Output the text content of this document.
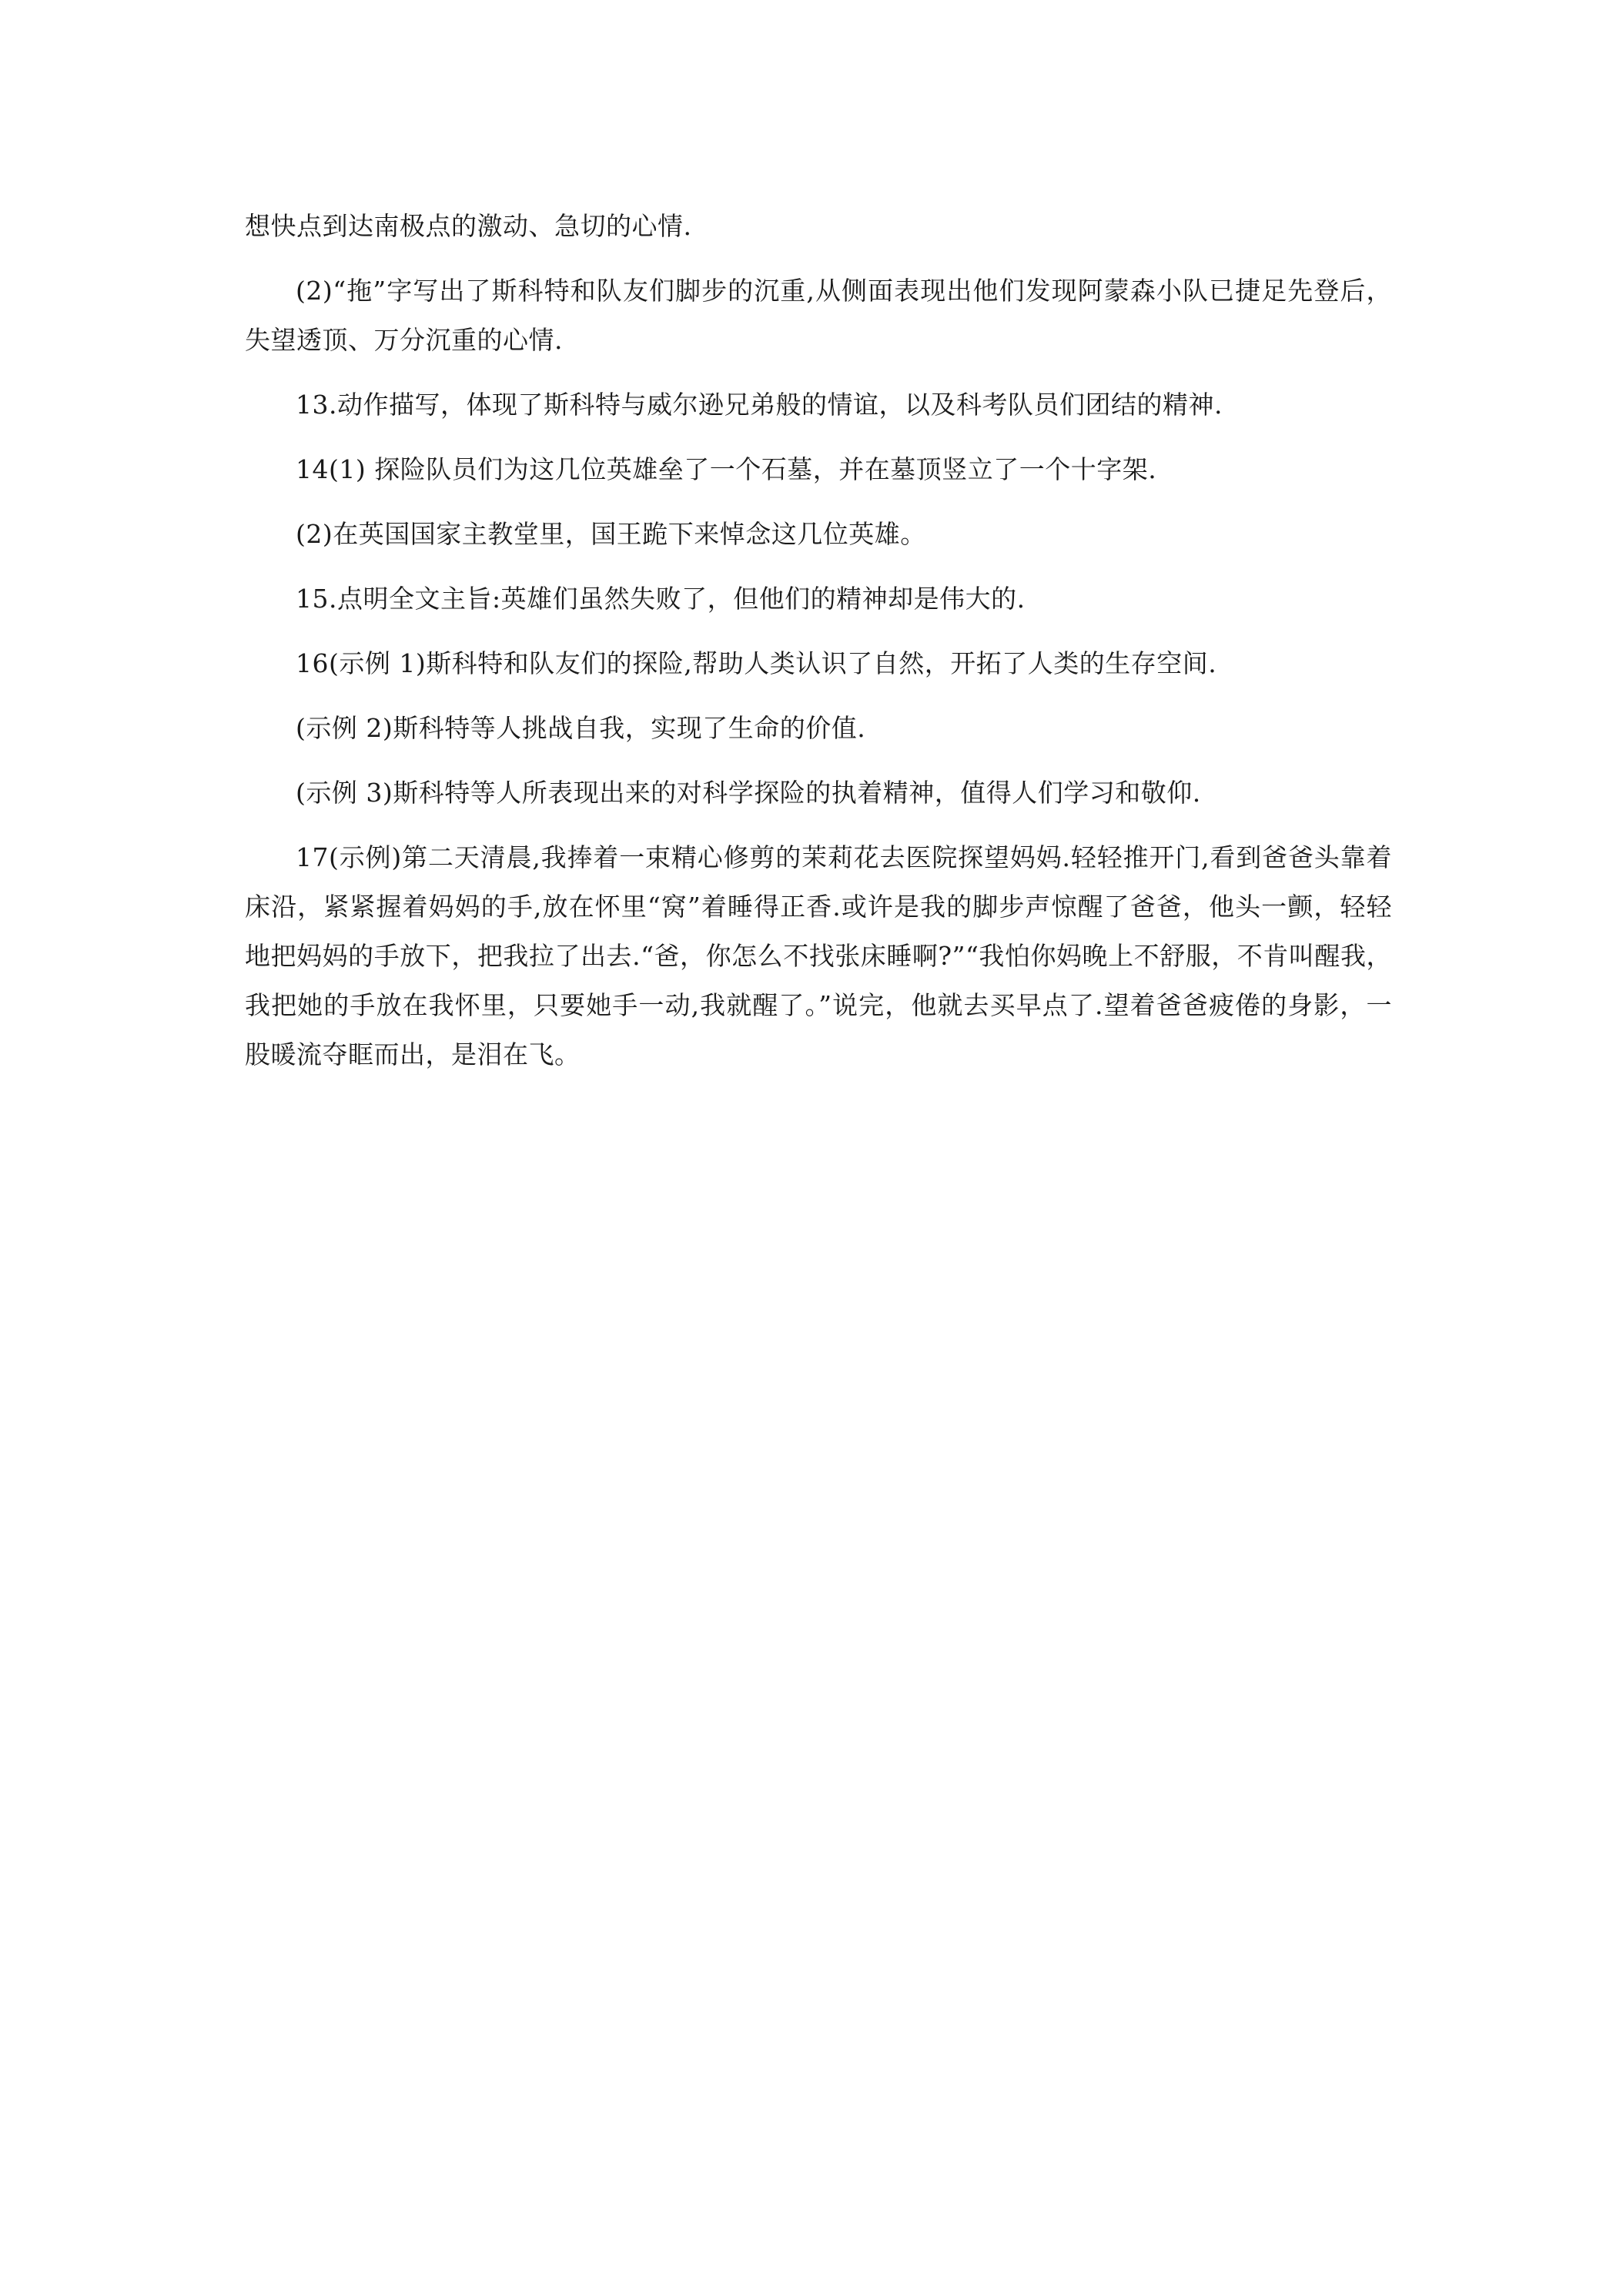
想快点到达南极点的激动、急切的心情.

(2)“拖”字写出了斯科特和队友们脚步的沉重,从侧面表现出他们发现阿蒙森小队已捷足先登后，失望透顶、万分沉重的心情.

13.动作描写，体现了斯科特与威尔逊兄弟般的情谊，以及科考队员们团结的精神.

14(1) 探险队员们为这几位英雄垒了一个石墓，并在墓顶竖立了一个十字架.

(2)在英国国家主教堂里，国王跪下来悼念这几位英雄。

15.点明全文主旨:英雄们虽然失败了，但他们的精神却是伟大的.

16(示例 1)斯科特和队友们的探险,帮助人类认识了自然，开拓了人类的生存空间.

(示例 2)斯科特等人挑战自我，实现了生命的价值.

(示例 3)斯科特等人所表现出来的对科学探险的执着精神，值得人们学习和敬仰.

17(示例)第二天清晨,我捧着一束精心修剪的茉莉花去医院探望妈妈.轻轻推开门,看到爸爸头靠着床沿，紧紧握着妈妈的手,放在怀里“窝”着睡得正香.或许是我的脚步声惊醒了爸爸，他头一颤，轻轻地把妈妈的手放下，把我拉了出去.“爸，你怎么不找张床睡啊?”“我怕你妈晚上不舒服，不肯叫醒我，我把她的手放在我怀里，只要她手一动,我就醒了。”说完，他就去买早点了.望着爸爸疲倦的身影，一股暖流夺眶而出，是泪在飞。
